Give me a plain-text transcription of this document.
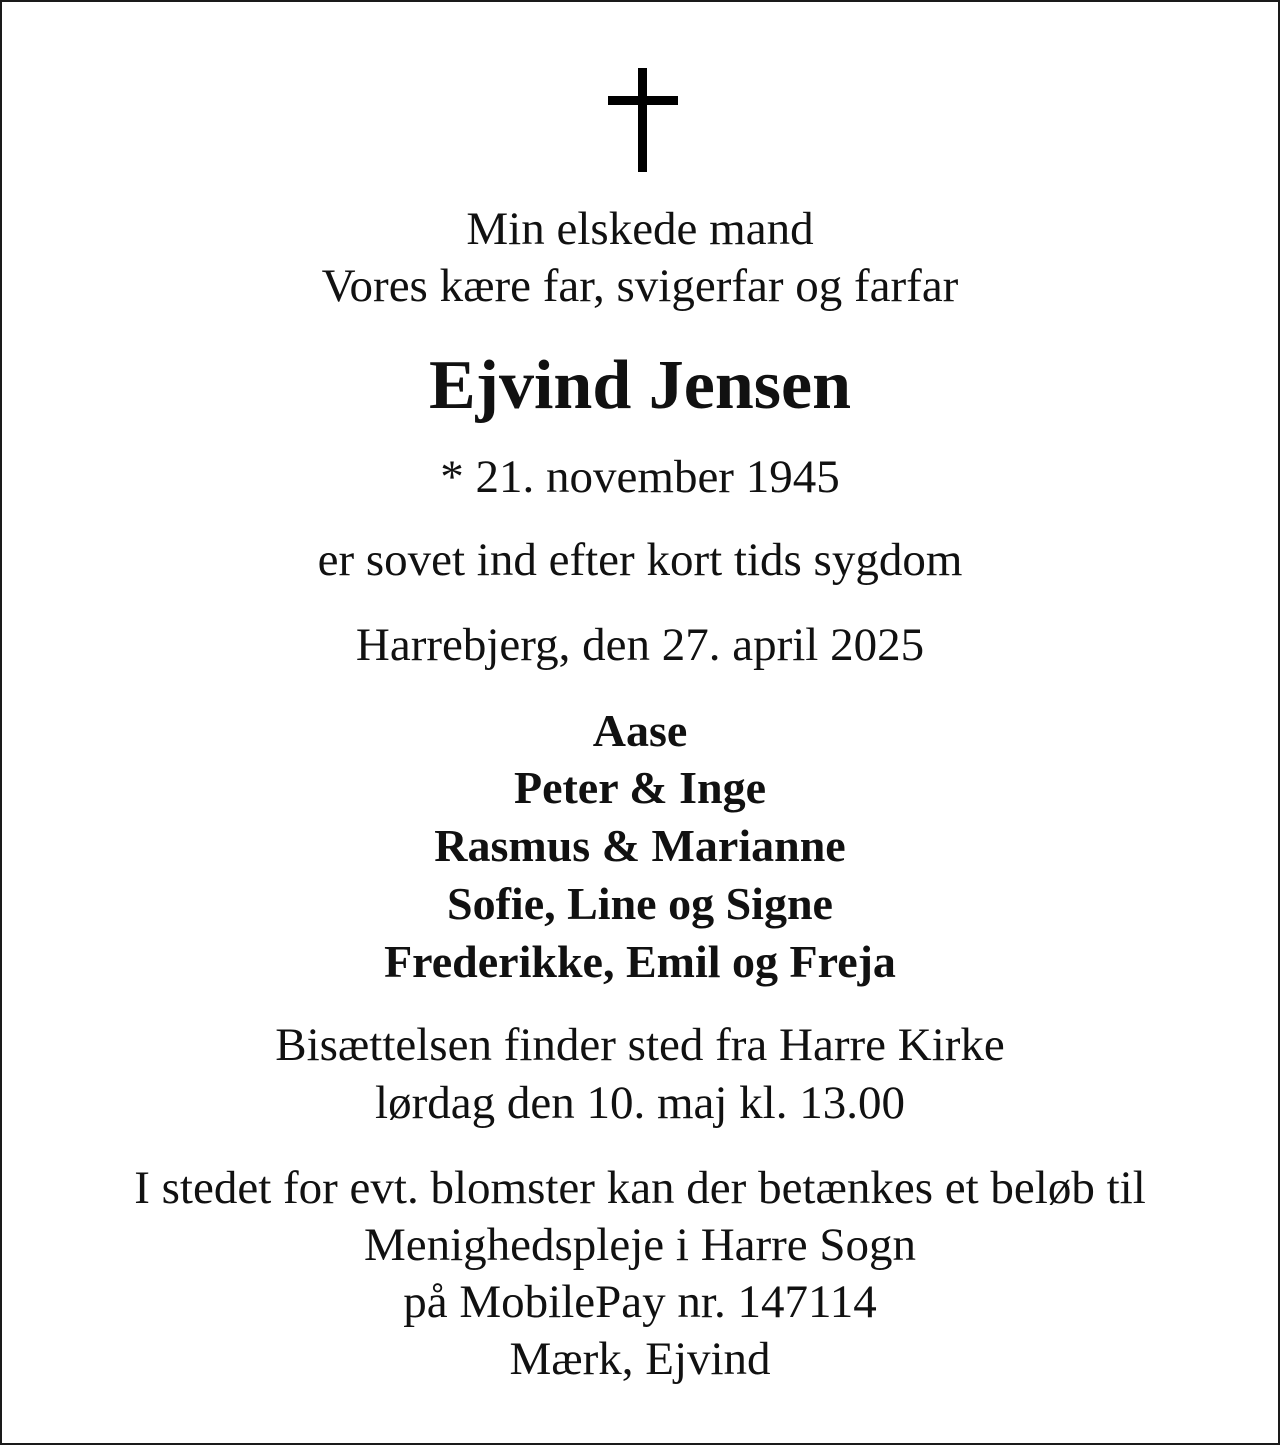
Min elskede mand
Vores kære far, svigerfar og farfar
Ejvind Jensen
* 21. november 1945
er sovet ind efter kort tids sygdom
Harrebjerg, den 27. april 2025
Aase
Peter & Inge
Rasmus & Marianne
Sofie, Line og Signe
Frederikke, Emil og Freja
Bisættelsen finder sted fra Harre Kirke
lørdag den 10. maj kl. 13.00
I stedet for evt. blomster kan der betænkes et beløb til
Menighedspleje i Harre Sogn
på MobilePay nr. 147114
Mærk, Ejvind
